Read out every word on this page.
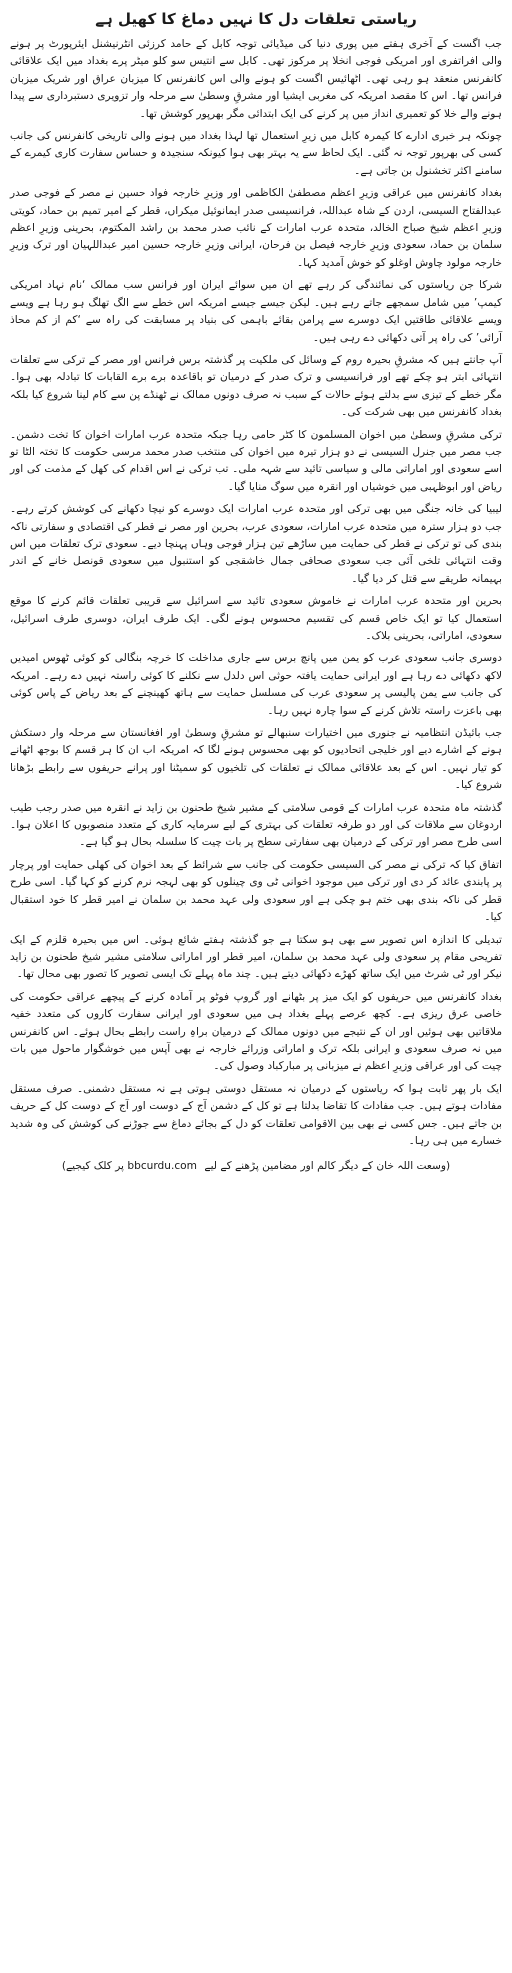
ریاستی تعلقات دل کا نہیں دماغ کا کھیل ہے

جب اگست کے آخری ہفتے میں پوری دنیا کی میڈیائی توجہ کابل کے حامد کرزئی انٹرنیشنل ایئرپورٹ پر ہونے والی افراتفری اور امریکی فوجی انخلا پر مرکوز تھی۔ کابل سے انتیس سو کلو میٹر پرے بغداد میں ایک علاقائی کانفرنس منعقد ہو رہی تھی۔ اٹھائیس اگست کو ہونے والی اس کانفرنس کا میزبان عراق اور شریک میزبان فرانس تھا۔ اس کا مقصد امریکہ کی مغربی ایشیا اور مشرقِ وسطیٰ سے مرحلہ وار تزویری دستبرداری سے پیدا ہونے والے خلا کو تعمیری انداز میں پر کرنے کی ایک ابتدائی مگر بھرپور کوشش تھا۔

چونکہ ہر خبری ادارے کا کیمرہ کابل میں زیرِ استعمال تھا لہذا بغداد میں ہونے والی تاریخی کانفرنس کی جانب کسی کی بھرپور توجہ نہ گئی۔ ایک لحاظ سے یہ بہتر بھی ہوا کیونکہ سنجیدہ و حساس سفارت کاری کیمرے کے سامنے اکثر تخشنول بن جاتی ہے۔

بغداد کانفرنس میں عراقی وزیرِ اعظم مصطفیٰ الکاظمی اور وزیرِ خارجہ فواد حسین نے مصر کے فوجی صدر عبدالفتاح السیسی، اردن کے شاہ عبداللہ، فرانسیسی صدر ایمانوئیل میکراں، قطر کے امیر تمیم بن حماد، کویتی وزیرِ اعظم شیخ صباح الخالد، متحدہ عرب امارات کے نائب صدر محمد بن راشد المکتوم، بحرینی وزیرِ اعظم سلمان بن حماد، سعودی وزیرِ خارجہ فیصل بن فرحان، ایرانی وزیرِ خارجہ حسین امیر عبداللہیان اور ترک وزیرِ خارجہ مولود چاوش اوغلو کو خوش آمدید کہا۔

شرکا جن ریاستوں کی نمائندگی کر رہے تھے ان میں سوائے ایران اور فرانس سب ممالک ‘نام نہاد امریکی کیمپ’ میں شامل سمجھے جاتے رہے ہیں۔ لیکن جیسے جیسے امریکہ اس خطے سے الگ تھلگ ہو رہا ہے ویسے ویسے علاقائی طاقتیں ایک دوسرے سے پرامن بقائے باہمی کی بنیاد پر مسابقت کی راہ سے ‘کم از کم محاذ آرائی’ کی راہ پر آتی دکھائی دے رہی ہیں۔

آپ جانتے ہیں کہ مشرقِ بحیرہ روم کے وسائل کی ملکیت پر گذشتہ برس فرانس اور مصر کے ترکی سے تعلقات انتہائی ابتر ہو چکے تھے اور فرانسیسی و ترک صدر کے درمیان تو باقاعدہ برے برے القابات کا تبادلہ بھی ہوا۔ مگر خطے کے تیزی سے بدلتے ہوئے حالات کے سبب نہ صرف دونوں ممالک نے ٹھنڈے پن سے کام لینا شروع کیا بلکہ بغداد کانفرنس میں بھی شرکت کی۔

ترکی مشرقِ وسطیٰ میں اخوان المسلمون کا کٹر حامی رہا جبکہ متحدہ عرب امارات اخوان کا تخت دشمن۔ جب مصر میں جنرل السیسی نے دو ہزار تیرہ میں اخوان کی منتخب صدر محمد مرسی حکومت کا تختہ الٹا تو اسے سعودی اور اماراتی مالی و سیاسی تائید سے شہہ ملی۔ تب ترکی نے اس اقدام کی کھل کے مذمت کی اور ریاض اور ابوظہبی میں خوشیاں اور انقرہ میں سوگ منایا گیا۔

لیبیا کی خانہ جنگی میں بھی ترکی اور متحدہ عرب امارات ایک دوسرے کو نیچا دکھانے کی کوشش کرتے رہے۔ جب دو ہزار سترہ میں متحدہ عرب امارات، سعودی عرب، بحرین اور مصر نے قطر کی اقتصادی و سفارتی ناکہ بندی کی تو ترکی نے قطر کی حمایت میں ساڑھے تین ہزار فوجی وہاں پہنچا دیے۔ سعودی ترک تعلقات میں اس وقت انتہائی تلخی آئی جب سعودی صحافی جمال خاشقجی کو استنبول میں سعودی قونصل خانے کے اندر بہیمانہ طریقے سے قتل کر دیا گیا۔

بحرین اور متحدہ عرب امارات نے خاموش سعودی تائید سے اسرائیل سے قریبی تعلقات قائم کرنے کا موقع استعمال کیا تو ایک خاص قسم کی تقسیم محسوس ہونے لگی۔ ایک طرف ایران، دوسری طرف اسرائیل، سعودی، اماراتی، بحرینی بلاک۔

دوسری جانب سعودی عرب کو یمن میں پانچ برس سے جاری مداخلت کا خرچہ بنگالی کو کوئی ٹھوس امیدیں لاکھ دکھائی دے رہا ہے اور ایرانی حمایت یافتہ حوثی اس دلدل سے نکلنے کا کوئی راستہ نہیں دے رہے۔ امریکہ کی جانب سے یمن پالیسی پر سعودی عرب کی مسلسل حمایت سے ہاتھ کھینچنے کے بعد ریاض کے پاس کوئی بھی باعزت راستہ تلاش کرنے کے سوا چارہ نہیں رہا۔

جب بائیڈن انتظامیہ نے جنوری میں اختیارات سنبھالے تو مشرقِ وسطیٰ اور افغانستان سے مرحلہ وار دستکش ہونے کے اشارے دیے اور خلیجی اتحادیوں کو بھی محسوس ہونے لگا کہ امریکہ اب ان کا ہر قسم کا بوجھ اٹھانے کو تیار نہیں۔ اس کے بعد علاقائی ممالک نے تعلقات کی تلخیوں کو سمیٹنا اور پرانے حریفوں سے رابطے بڑھانا شروع کیا۔

گذشتہ ماہ متحدہ عرب امارات کے قومی سلامتی کے مشیر شیخ طحنون بن زاید نے انقرہ میں صدر رجب طیب اردوغان سے ملاقات کی اور دو طرفہ تعلقات کی بہتری کے لیے سرمایہ کاری کے متعدد منصوبوں کا اعلان ہوا۔ اسی طرح مصر اور ترکی کے درمیان بھی سفارتی سطح پر بات چیت کا سلسلہ بحال ہو گیا ہے۔

اتفاق کیا کہ ترکی نے مصر کی السیسی حکومت کی جانب سے شرائط کے بعد اخوان کی کھلی حمایت اور پرچار پر پابندی عائد کر دی اور ترکی میں موجود اخوانی ٹی وی چینلوں کو بھی لہجہ نرم کرنے کو کہا گیا۔ اسی طرح قطر کی ناکہ بندی بھی ختم ہو چکی ہے اور سعودی ولی عہد محمد بن سلمان نے امیر قطر کا خود استقبال کیا۔

تبدیلی کا اندازہ اس تصویر سے بھی ہو سکتا ہے جو گذشتہ ہفتے شائع ہوئی۔ اس میں بحیرہ قلزم کے ایک تفریحی مقام پر سعودی ولی عہد محمد بن سلمان، امیر قطر اور اماراتی سلامتی مشیر شیخ طحنون بن زاید نیکر اور ٹی شرٹ میں ایک ساتھ کھڑے دکھائی دیتے ہیں۔ چند ماہ پہلے تک ایسی تصویر کا تصور بھی محال تھا۔

بغداد کانفرنس میں حریفوں کو ایک میز پر بٹھانے اور گروپ فوٹو پر آمادہ کرنے کے پیچھے عراقی حکومت کی خاصی عرق ریزی ہے۔ کچھ عرصے پہلے بغداد ہی میں سعودی اور ایرانی سفارت کاروں کی متعدد خفیہ ملاقاتیں بھی ہوئیں اور ان کے نتیجے میں دونوں ممالک کے درمیان براہِ راست رابطے بحال ہوئے۔ اس کانفرنس میں نہ صرف سعودی و ایرانی بلکہ ترک و اماراتی وزرائے خارجہ نے بھی آپس میں خوشگوار ماحول میں بات چیت کی اور عراقی وزیرِ اعظم نے میزبانی پر مبارکباد وصول کی۔

ایک بار پھر ثابت ہوا کہ ریاستوں کے درمیان نہ مستقل دوستی ہوتی ہے نہ مستقل دشمنی۔ صرف مستقل مفادات ہوتے ہیں۔ جب مفادات کا تقاضا بدلتا ہے تو کل کے دشمن آج کے دوست اور آج کے دوست کل کے حریف بن جاتے ہیں۔ جس کسی نے بھی بین الاقوامی تعلقات کو دل کے بجائے دماغ سے جوڑنے کی کوشش کی وہ شدید خسارے میں ہی رہا۔

(وسعت اللہ خان کے دیگر کالم اور مضامین پڑھنے کے لیے bbcurdu.com پر کلک کیجیے)
